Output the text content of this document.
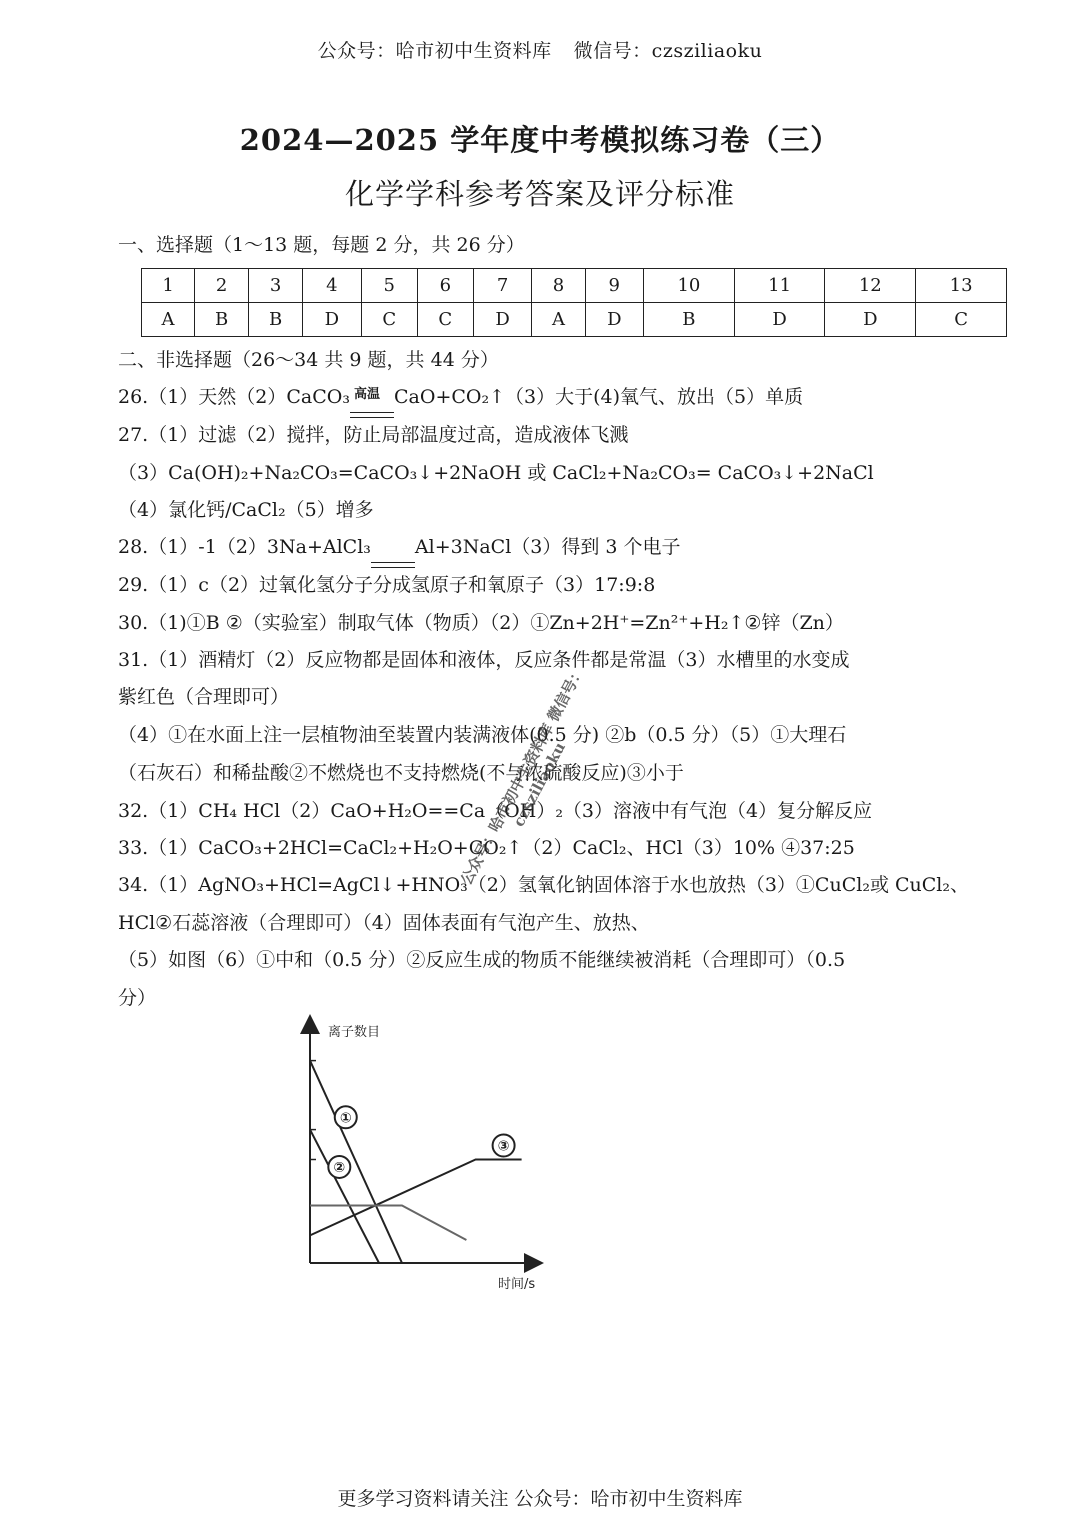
公众号：哈市初中生资料库 微信号：czsziliaoku
2024—2025 学年度中考模拟练习卷（三）
化学学科参考答案及评分标准
一、选择题（1～13 题，每题 2 分，共 26 分）
1	2	3	4	5	6	7	8	9	10	11	12	13
A	B	B	D	C	C	D	A	D	B	D	D	C
二、非选择题（26～34 共 9 题，共 44 分）
26.（1）天然（2）CaCO₃ 高温 CaO+CO₂↑（3）大于(4)氧气、放出（5）单质
27.（1）过滤（2）搅拌，防止局部温度过高，造成液体飞溅
（3）Ca(OH)₂+Na₂CO₃=CaCO₃↓+2NaOH 或 CaCl₂+Na₂CO₃= CaCO₃↓+2NaCl
（4）氯化钙/CaCl₂（5）增多
28.（1）-1（2）3Na+AlCl₃ Al+3NaCl（3）得到 3 个电子
29.（1）c（2）过氧化氢分子分成氢原子和氧原子（3）17:9:8
30.（1)①B ②（实验室）制取气体（物质）（2）①Zn+2H⁺=Zn²⁺+H₂↑②锌（Zn）
31.（1）酒精灯（2）反应物都是固体和液体，反应条件都是常温（3）水槽里的水变成
紫红色（合理即可）
（4）①在水面上注一层植物油至装置内装满液体(0.5 分) ②b（0.5 分）（5）①大理石
（石灰石）和稀盐酸②不燃烧也不支持燃烧(不与浓硫酸反应)③小于
32.（1）CH₄ HCl（2）CaO+H₂O==Ca（OH）₂（3）溶液中有气泡（4）复分解反应
33.（1）CaCO₃+2HCl=CaCl₂+H₂O+CO₂↑（2）CaCl₂、HCl（3）10% ④37:25
34.（1）AgNO₃+HCl=AgCl↓+HNO₃（2）氢氧化钠固体溶于水也放热（3）①CuCl₂或 CuCl₂、
HCl②石蕊溶液（合理即可）（4）固体表面有气泡产生、放热、
（5）如图（6）①中和（0.5 分）②反应生成的物质不能继续被消耗（合理即可）（0.5
分）
公众号：哈市初中生资料库 微信号：czsziliaoku
离子数目
时间/s
①
②
③
更多学习资料请关注 公众号：哈市初中生资料库
